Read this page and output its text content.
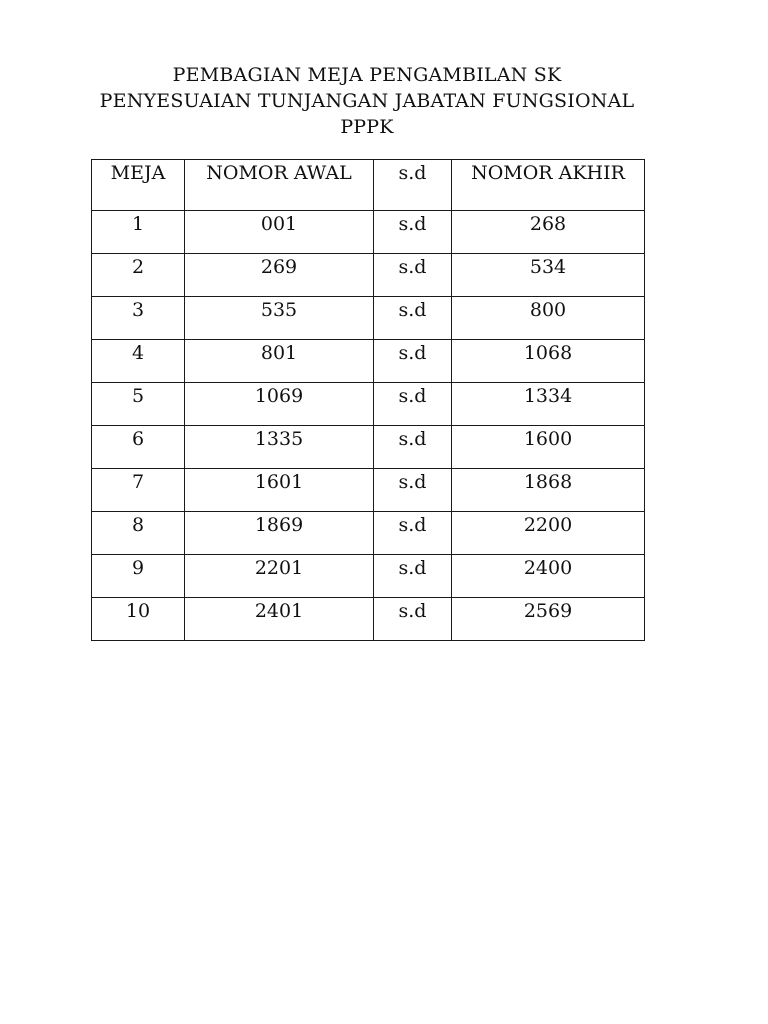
PEMBAGIAN MEJA PENGAMBILAN SK
PENYESUAIAN TUNJANGAN JABATAN FUNGSIONAL
PPPK
MEJA	NOMOR AWAL	s.d	NOMOR AKHIR
1	001	s.d	268
2	269	s.d	534
3	535	s.d	800
4	801	s.d	1068
5	1069	s.d	1334
6	1335	s.d	1600
7	1601	s.d	1868
8	1869	s.d	2200
9	2201	s.d	2400
10	2401	s.d	2569
